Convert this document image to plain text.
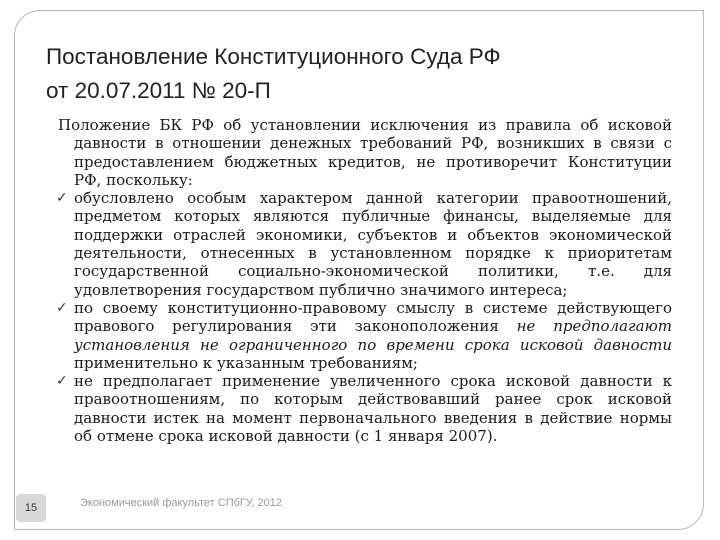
Постановление Конституционного Суда РФ
от 20.07.2011 № 20-П

Положение БК РФ об установлении исключения из правила об исковой давности в отношении денежных требований РФ, возникших в связи с предоставлением бюджетных кредитов, не противоречит Конституции РФ, поскольку:

✓ обусловлено особым характером данной категории правоотношений, предметом которых являются публичные финансы, выделяемые для поддержки отраслей экономики, субъектов и объектов экономической деятельности, отнесенных в установленном порядке к приоритетам государственной социально-экономической политики, т.е. для удовлетворения государством публично значимого интереса;

✓ по своему конституционно-правовому смыслу в системе действующего правового регулирования эти законоположения не предполагают установления не ограниченного по времени срока исковой давности применительно к указанным требованиям;

✓ не предполагает применение увеличенного срока исковой давности к правоотношениям, по которым действовавший ранее срок исковой давности истек на момент первоначального введения в действие нормы об отмене срока исковой давности (с 1 января 2007).

15	Экономический факультет СПбГУ, 2012
